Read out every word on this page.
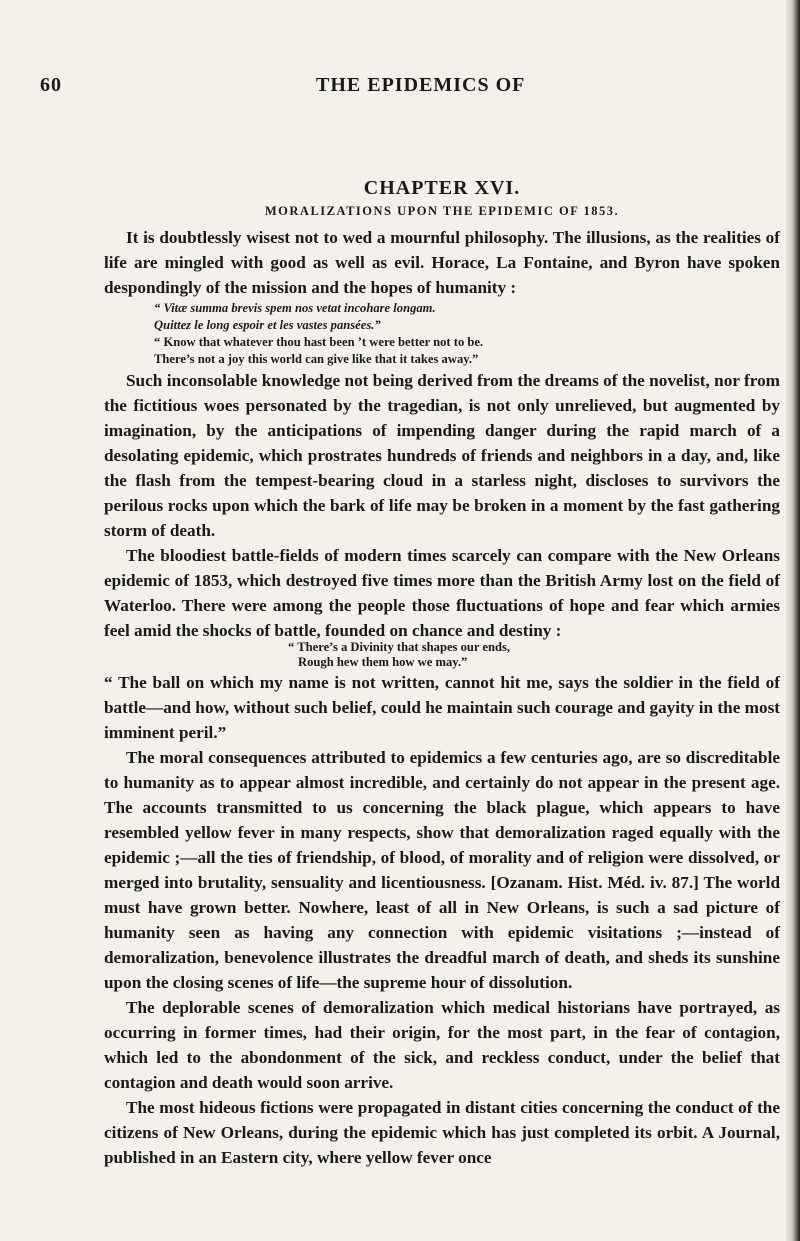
60	THE EPIDEMICS OF
CHAPTER XVI.
MORALIZATIONS UPON THE EPIDEMIC OF 1853.

It is doubtlessly wisest not to wed a mournful philosophy. The illusions, as the realities of life are mingled with good as well as evil. Horace, La Fontaine, and Byron have spoken despondingly of the mission and the hopes of humanity :

“ Vitæ summa brevis spem nos vetat incohare longam.
Quittez le long espoir et les vastes pansées.”
“ Know that whatever thou hast been ’t were better not to be.
There’s not a joy this world can give like that it takes away.”

Such inconsolable knowledge not being derived from the dreams of the novelist, nor from the fictitious woes personated by the tragedian, is not only unrelieved, but augmented by imagination, by the anticipations of impending danger during the rapid march of a desolating epidemic, which prostrates hundreds of friends and neighbors in a day, and, like the flash from the tempest-bearing cloud in a starless night, discloses to survivors the perilous rocks upon which the bark of life may be broken in a moment by the fast gathering storm of death.

The bloodiest battle-fields of modern times scarcely can compare with the New Orleans epidemic of 1853, which destroyed five times more than the British Army lost on the field of Waterloo. There were among the people those fluctuations of hope and fear which armies feel amid the shocks of battle, founded on chance and destiny :

“ There’s a Divinity that shapes our ends,
Rough hew them how we may.”

“ The ball on which my name is not written, cannot hit me, says the soldier in the field of battle—and how, without such belief, could he maintain such courage and gayity in the most imminent peril.”

The moral consequences attributed to epidemics a few centuries ago, are so discreditable to humanity as to appear almost incredible, and certainly do not appear in the present age. The accounts transmitted to us concerning the black plague, which appears to have resembled yellow fever in many respects, show that demoralization raged equally with the epidemic ;—all the ties of friendship, of blood, of morality and of religion were dissolved, or merged into brutality, sensuality and licentiousness. [Ozanam. Hist. Méd. iv. 87.] The world must have grown better. Nowhere, least of all in New Orleans, is such a sad picture of humanity seen as having any connection with epidemic visitations ;—instead of demoralization, benevolence illustrates the dreadful march of death, and sheds its sunshine upon the closing scenes of life—the supreme hour of dissolution.

The deplorable scenes of demoralization which medical historians have portrayed, as occurring in former times, had their origin, for the most part, in the fear of contagion, which led to the abondonment of the sick, and reckless conduct, under the belief that contagion and death would soon arrive.

The most hideous fictions were propagated in distant cities concerning the conduct of the citizens of New Orleans, during the epidemic which has just completed its orbit. A Journal, published in an Eastern city, where yellow fever once
